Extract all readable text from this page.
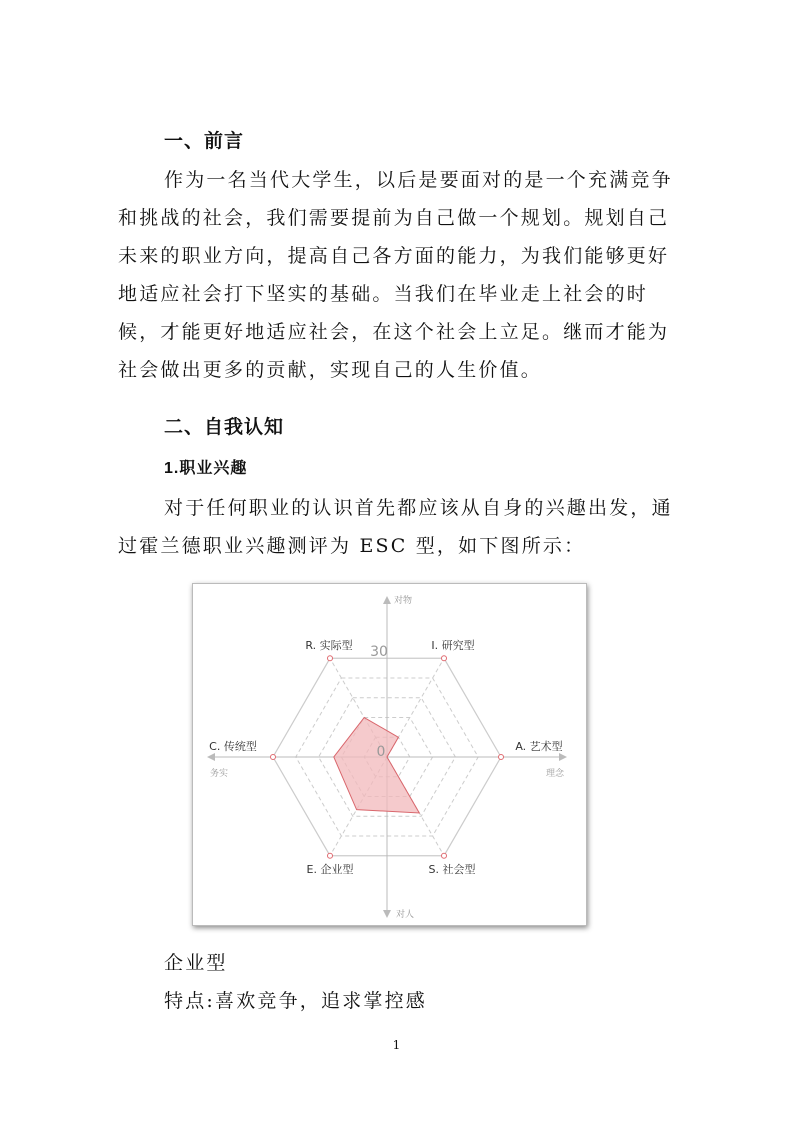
一、前言

作为一名当代大学生，以后是要面对的是一个充满竞争和挑战的社会，我们需要提前为自己做一个规划。规划自己未来的职业方向，提高自己各方面的能力，为我们能够更好地适应社会打下坚实的基础。当我们在毕业走上社会的时候，才能更好地适应社会，在这个社会上立足。继而才能为社会做出更多的贡献，实现自己的人生价值。

二、自我认知
1.职业兴趣

对于任何职业的认识首先都应该从自身的兴趣出发，通过霍兰德职业兴趣测评为 ESC 型，如下图所示：

R. 实际型	I. 研究型
A. 艺术型
S. 社会型
E. 企业型
C. 传统型
30
0
对物
对人
务实	理念
企业型
特点:喜欢竞争，追求掌控感
1
